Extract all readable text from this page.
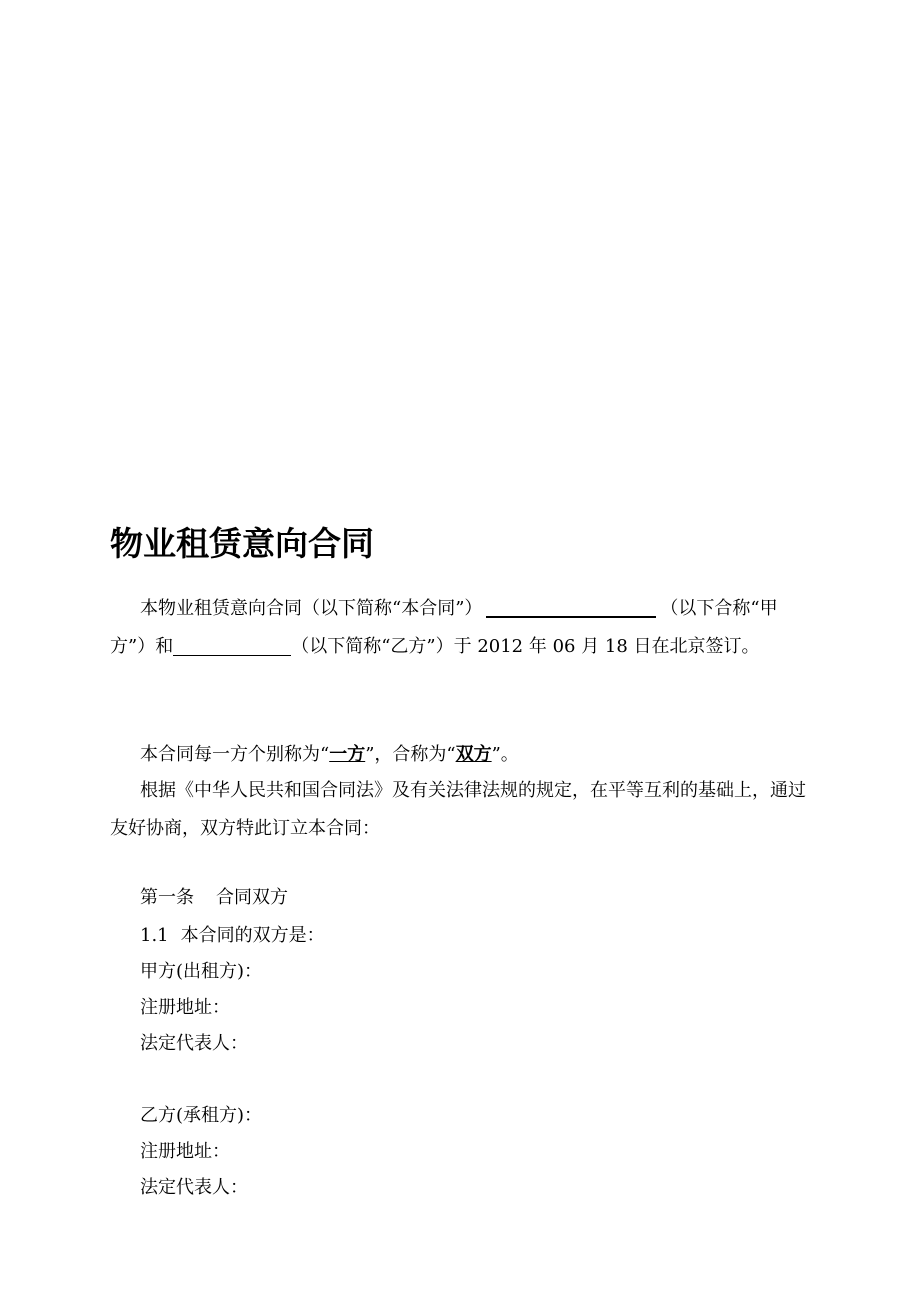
物业租赁意向合同
本物业租赁意向合同（以下简称“本合同”）	（以下合称“甲方”）和	（以下简称“乙方”）于 2012 年 06 月 18 日在北京签订。
本合同每一方个别称为“一方”，合称为“双方”。
根据《中华人民共和国合同法》及有关法律法规的规定，在平等互利的基础上，通过友好协商，双方特此订立本合同：
第一条 合同双方
1.1 本合同的双方是：
甲方(出租方)：
注册地址：
法定代表人：
乙方(承租方)：
注册地址：
法定代表人：
